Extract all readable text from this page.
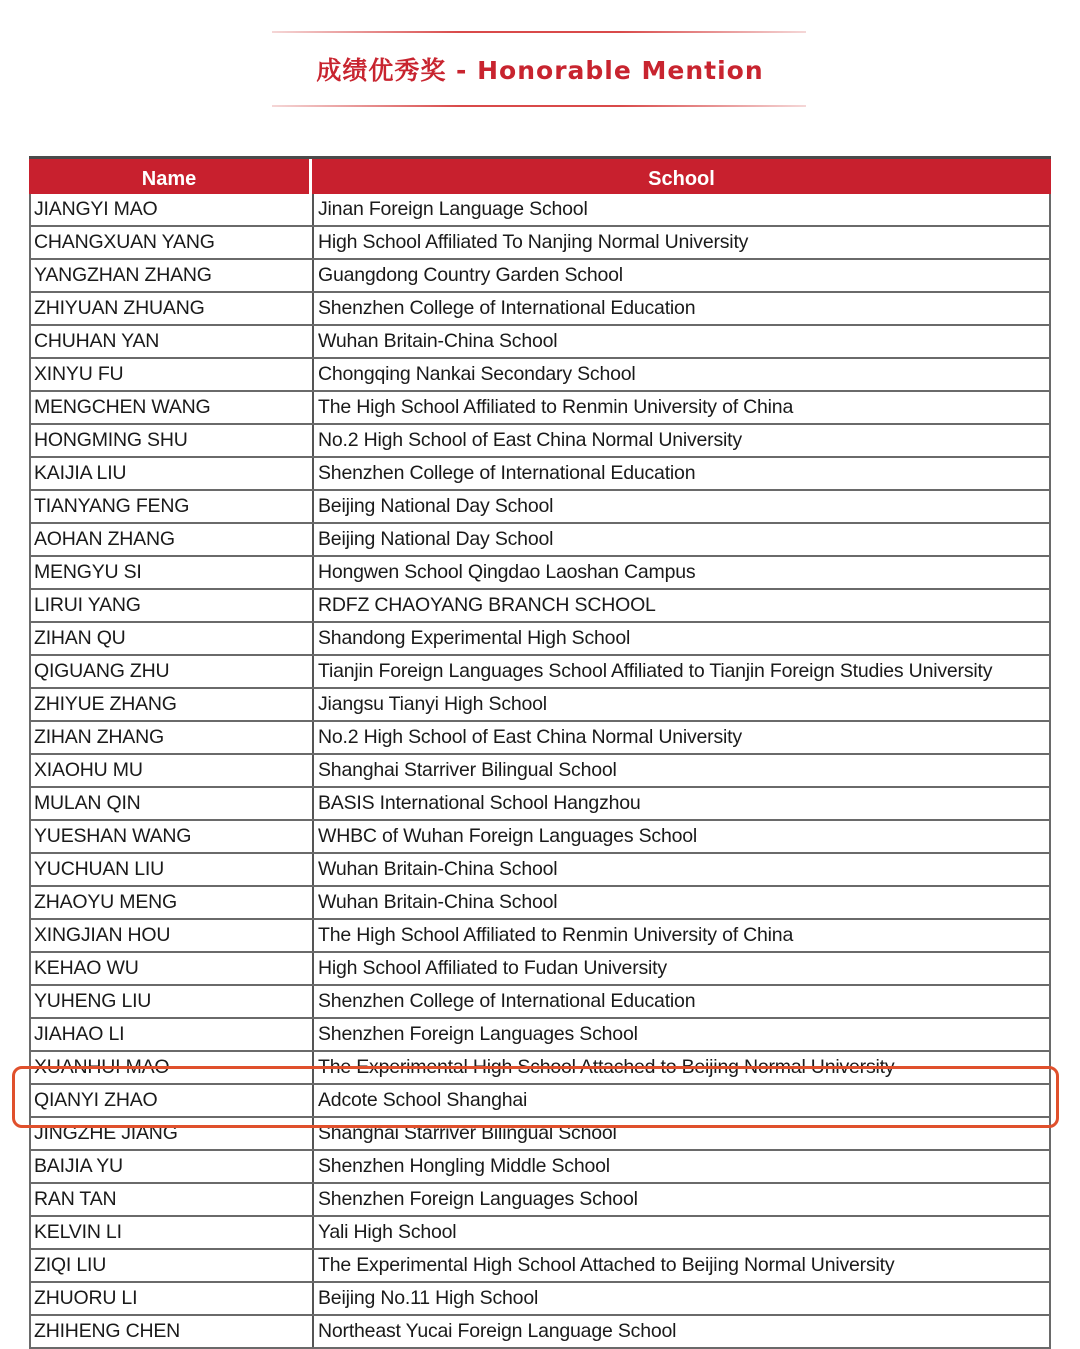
成绩优秀奖 - Honorable Mention
Name	School
JIANGYI MAO	Jinan Foreign Language School
CHANGXUAN YANG	High School Affiliated To Nanjing Normal University
YANGZHAN ZHANG	Guangdong Country Garden School
ZHIYUAN ZHUANG	Shenzhen College of International Education
CHUHAN YAN	Wuhan Britain-China School
XINYU FU	Chongqing Nankai Secondary School
MENGCHEN WANG	The High School Affiliated to Renmin University of China
HONGMING SHU	No.2 High School of East China Normal University
KAIJIA LIU	Shenzhen College of International Education
TIANYANG FENG	Beijing National Day School
AOHAN ZHANG	Beijing National Day School
MENGYU SI	Hongwen School Qingdao Laoshan Campus
LIRUI YANG	RDFZ CHAOYANG BRANCH SCHOOL
ZIHAN QU	Shandong Experimental High School
QIGUANG ZHU	Tianjin Foreign Languages School Affiliated to Tianjin Foreign Studies University
ZHIYUE ZHANG	Jiangsu Tianyi High School
ZIHAN ZHANG	No.2 High School of East China Normal University
XIAOHU MU	Shanghai Starriver Bilingual School
MULAN QIN	BASIS International School Hangzhou
YUESHAN WANG	WHBC of Wuhan Foreign Languages School
YUCHUAN LIU	Wuhan Britain-China School
ZHAOYU MENG	Wuhan Britain-China School
XINGJIAN HOU	The High School Affiliated to Renmin University of China
KEHAO WU	High School Affiliated to Fudan University
YUHENG LIU	Shenzhen College of International Education
JIAHAO LI	Shenzhen Foreign Languages School
XUANHUI MAO	The Experimental High School Attached to Beijing Normal University
QIANYI ZHAO	Adcote School Shanghai
JINGZHE JIANG	Shanghai Starriver Bilingual School
BAIJIA YU	Shenzhen Hongling Middle School
RAN TAN	Shenzhen Foreign Languages School
KELVIN LI	Yali High School
ZIQI LIU	The Experimental High School Attached to Beijing Normal University
ZHUORU LI	Beijing No.11 High School
ZHIHENG CHEN	Northeast Yucai Foreign Language School
